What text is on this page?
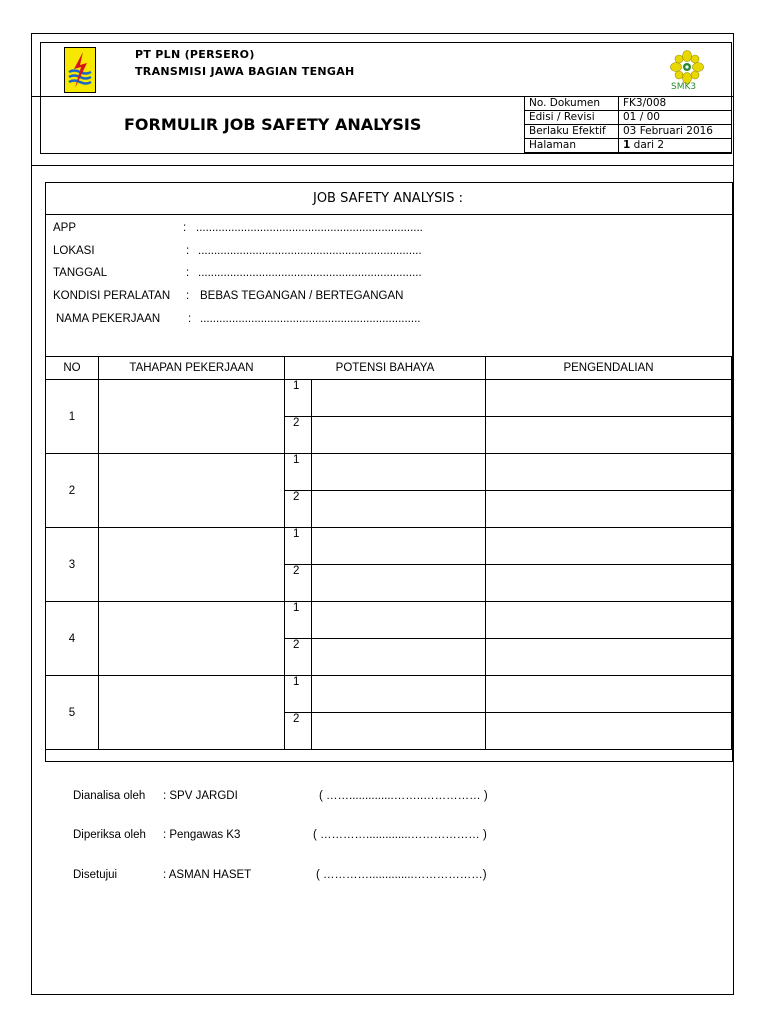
PT PLN (PERSERO)
TRANSMISI JAWA BAGIAN TENGAH
SMK3
FORMULIR JOB SAFETY ANALYSIS
No. Dokumen	FK3/008
Edisi / Revisi	01 / 00
Berlaku Efektif	03 Februari 2016
Halaman	1 dari 2
JOB SAFETY ANALYSIS :
APP	: .......................................................................
LOKASI	: ......................................................................
TANGGAL	: ......................................................................
KONDISI PERALATAN : BEBAS TEGANGAN / BERTEGANGAN
NAMA PEKERJAAN : .....................................................................
NO	TAHAPAN PEKERJAAN	POTENSI BAHAYA		PENGENDALIAN
1		1		
		2		
2		1		
		2		
3		1		
		2		
4		1		
		2		
5		1		
		2		
Dianalisa oleh : SPV JARGDI	( ……..............……..…………… )
Diperiksa oleh : Pengawas K3	( …………..............……………… )
Disetujui	: ASMAN HASET	( …………..............………………)
